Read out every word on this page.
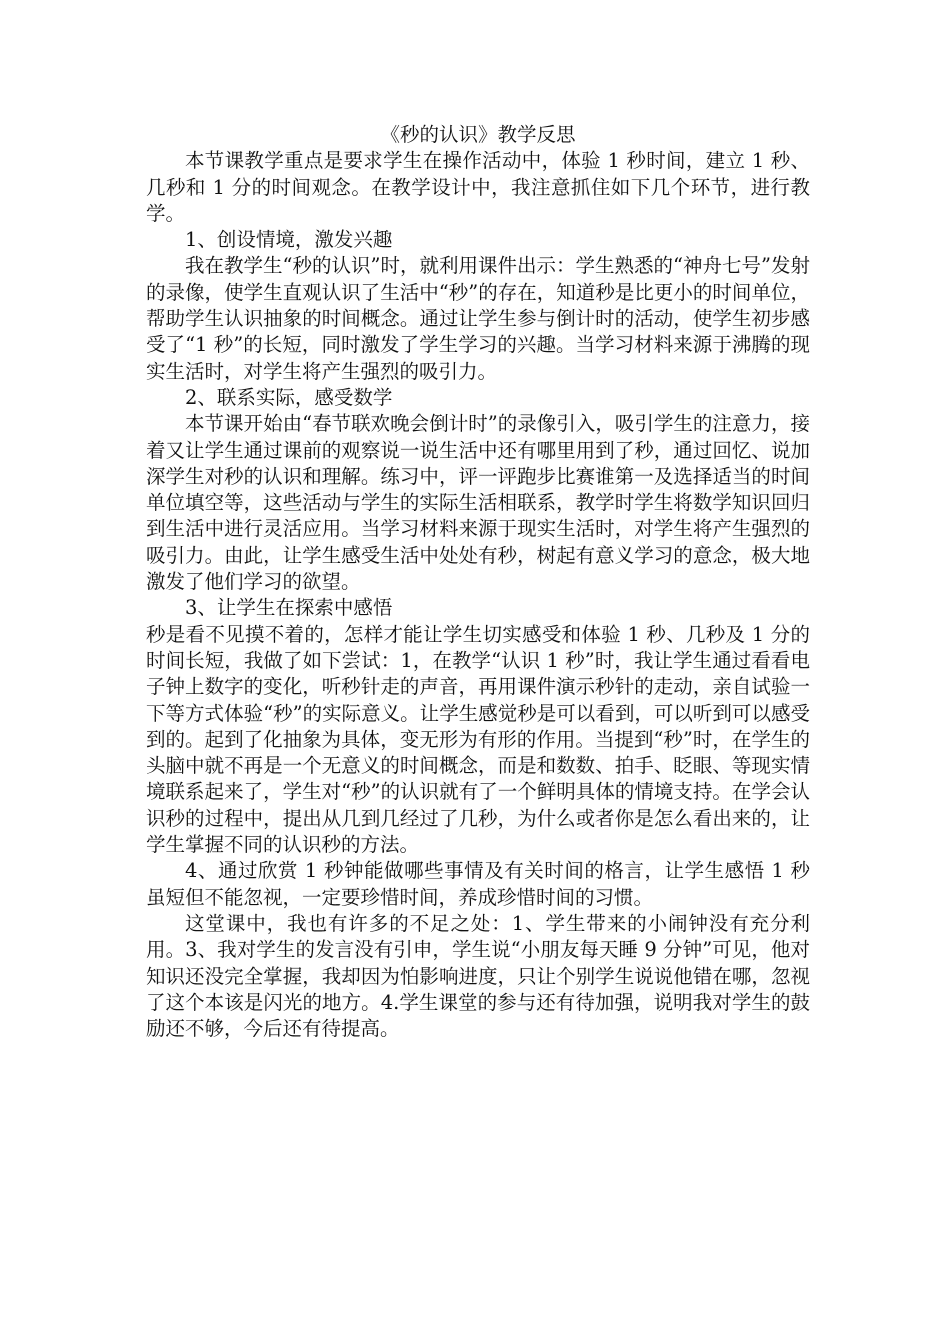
《秒的认识》教学反思

本节课教学重点是要求学生在操作活动中，体验 1 秒时间，建立 1 秒、几秒和 1 分的时间观念。在教学设计中，我注意抓住如下几个环节，进行教学。

1、创设情境，激发兴趣

我在教学生“秒的认识”时，就利用课件出示：学生熟悉的“神舟七号”发射的录像，使学生直观认识了生活中“秒”的存在，知道秒是比更小的时间单位，帮助学生认识抽象的时间概念。通过让学生参与倒计时的活动，使学生初步感受了“1 秒”的长短，同时激发了学生学习的兴趣。当学习材料来源于沸腾的现实生活时，对学生将产生强烈的吸引力。

2、联系实际，感受数学

本节课开始由“春节联欢晚会倒计时”的录像引入，吸引学生的注意力，接着又让学生通过课前的观察说一说生活中还有哪里用到了秒，通过回忆、说加深学生对秒的认识和理解。练习中，评一评跑步比赛谁第一及选择适当的时间单位填空等，这些活动与学生的实际生活相联系，教学时学生将数学知识回归到生活中进行灵活应用。当学习材料来源于现实生活时，对学生将产生强烈的吸引力。由此，让学生感受生活中处处有秒，树起有意义学习的意念，极大地激发了他们学习的欲望。

3、让学生在探索中感悟

秒是看不见摸不着的，怎样才能让学生切实感受和体验 1 秒、几秒及 1 分的时间长短，我做了如下尝试：1，在教学“认识 1 秒”时，我让学生通过看看电子钟上数字的变化，听秒针走的声音，再用课件演示秒针的走动，亲自试验一下等方式体验“秒”的实际意义。让学生感觉秒是可以看到，可以听到可以感受到的。起到了化抽象为具体，变无形为有形的作用。当提到“秒”时，在学生的头脑中就不再是一个无意义的时间概念，而是和数数、拍手、眨眼、等现实情境联系起来了，学生对“秒”的认识就有了一个鲜明具体的情境支持。在学会认识秒的过程中，提出从几到几经过了几秒，为什么或者你是怎么看出来的，让学生掌握不同的认识秒的方法。

4、通过欣赏 1 秒钟能做哪些事情及有关时间的格言，让学生感悟 1 秒虽短但不能忽视，一定要珍惜时间，养成珍惜时间的习惯。

这堂课中，我也有许多的不足之处：1、学生带来的小闹钟没有充分利用。3、我对学生的发言没有引申，学生说“小朋友每天睡 9 分钟”可见，他对知识还没完全掌握，我却因为怕影响进度，只让个别学生说说他错在哪，忽视了这个本该是闪光的地方。4.学生课堂的参与还有待加强，说明我对学生的鼓励还不够，今后还有待提高。
